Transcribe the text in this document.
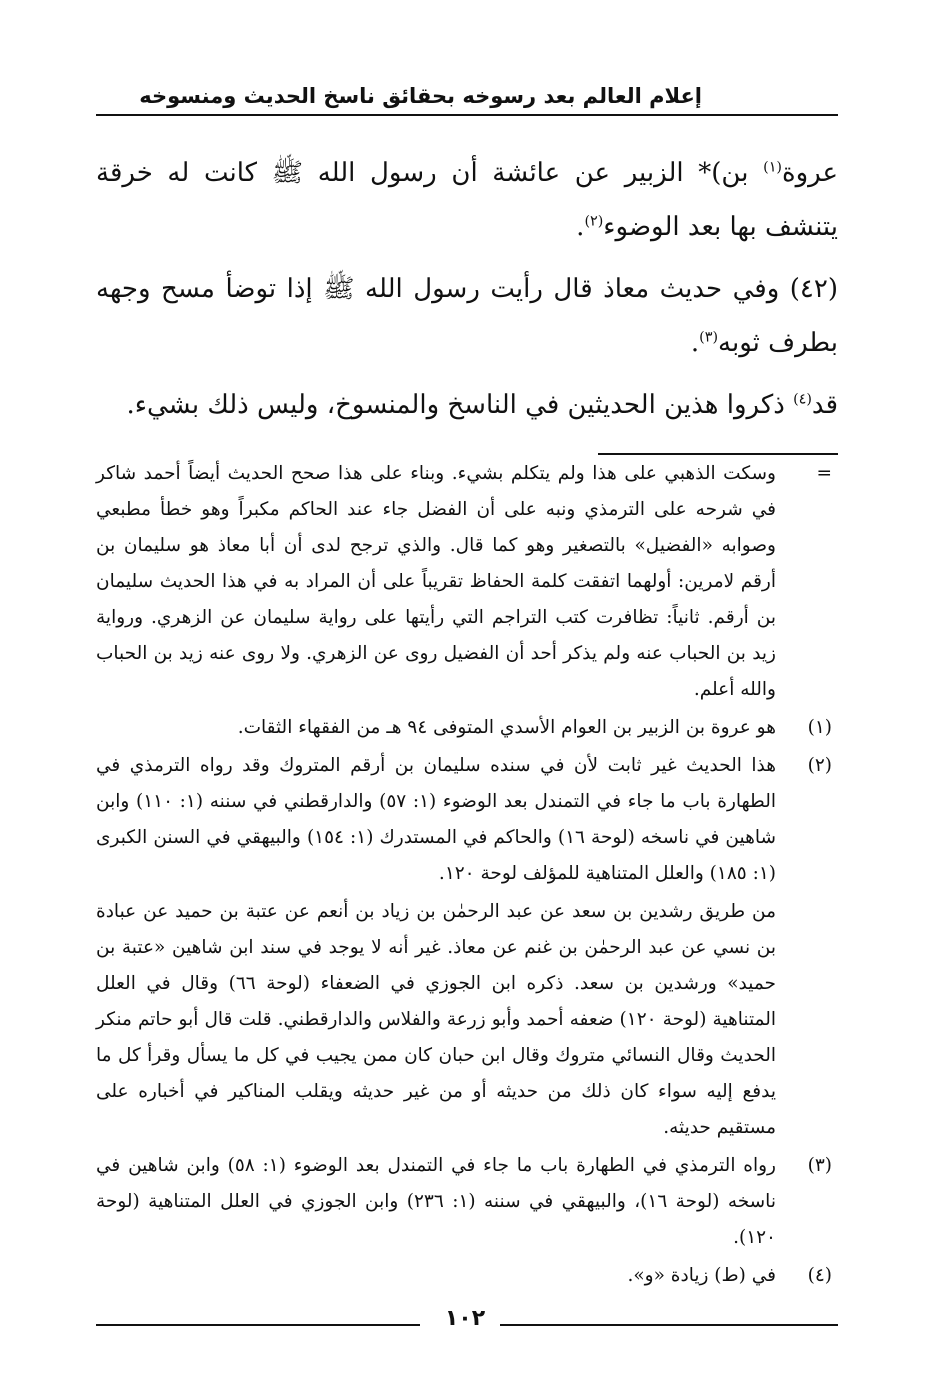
إعلام العالم بعد رسوخه بحقائق ناسخ الحديث ومنسوخه

عروة$^{(١)}$ بن)* الزبير عن عائشة أن رسول الله ﷺ كانت له خرقة يتنشف بها بعد الوضوء$^{(٢)}$.

(٤٢) وفي حديث معاذ قال رأيت رسول الله ﷺ إذا توضأ مسح وجهه بطرف ثوبه$^{(٣)}$.

قد$^{(٤)}$ ذكروا هذين الحديثين في الناسخ والمنسوخ، وليس ذلك بشيء.

=
وسكت الذهبي على هذا ولم يتكلم بشيء. وبناء على هذا صحح الحديث أيضاً أحمد شاكر في شرحه على الترمذي ونبه على أن الفضل جاء عند الحاكم مكبراً وهو خطأ مطبعي وصوابه «الفضيل» بالتصغير وهو كما قال. والذي ترجح لدى أن أبا معاذ هو سليمان بن أرقم لامرين: أولهما اتفقت كلمة الحفاظ تقريباً على أن المراد به في هذا الحديث سليمان بن أرقم. ثانياً: تظافرت كتب التراجم التي رأيتها على رواية سليمان عن الزهري. ورواية زيد بن الحباب عنه ولم يذكر أحد أن الفضيل روى عن الزهري. ولا روى عنه زيد بن الحباب والله أعلم.
(١)
هو عروة بن الزبير بن العوام الأسدي المتوفى ٩٤ هـ من الفقهاء الثقات.
(٢)
هذا الحديث غير ثابت لأن في سنده سليمان بن أرقم المتروك وقد رواه الترمذي في الطهارة باب ما جاء في التمندل بعد الوضوء (١: ٥٧) والدارقطني في سننه (١: ١١٠) وابن شاهين في ناسخه (لوحة ١٦) والحاكم في المستدرك (١: ١٥٤) والبيهقي في السنن الكبرى (١: ١٨٥) والعلل المتناهية للمؤلف لوحة ١٢٠.
من طريق رشدين بن سعد عن عبد الرحمٰن بن زياد بن أنعم عن عتبة بن حميد عن عبادة بن نسي عن عبد الرحمٰن بن غنم عن معاذ. غير أنه لا يوجد في سند ابن شاهين «عتبة بن حميد» ورشدين بن سعد. ذكره ابن الجوزي في الضعفاء (لوحة ٦٦) وقال في العلل المتناهية (لوحة ١٢٠) ضعفه أحمد وأبو زرعة والفلاس والدارقطني. قلت قال أبو حاتم منكر الحديث وقال النسائي متروك وقال ابن حبان كان ممن يجيب في كل ما يسأل وقرأ كل ما يدفع إليه سواء كان ذلك من حديثه أو من غير حديثه ويقلب المناكير في أخباره على مستقيم حديثه.
(٣)
رواه الترمذي في الطهارة باب ما جاء في التمندل بعد الوضوء (١: ٥٨) وابن شاهين في ناسخه (لوحة ١٦)، والبيهقي في سننه (١: ٢٣٦) وابن الجوزي في العلل المتناهية (لوحة ١٢٠).
(٤)
في (ط) زيادة «و».
١٠٢
